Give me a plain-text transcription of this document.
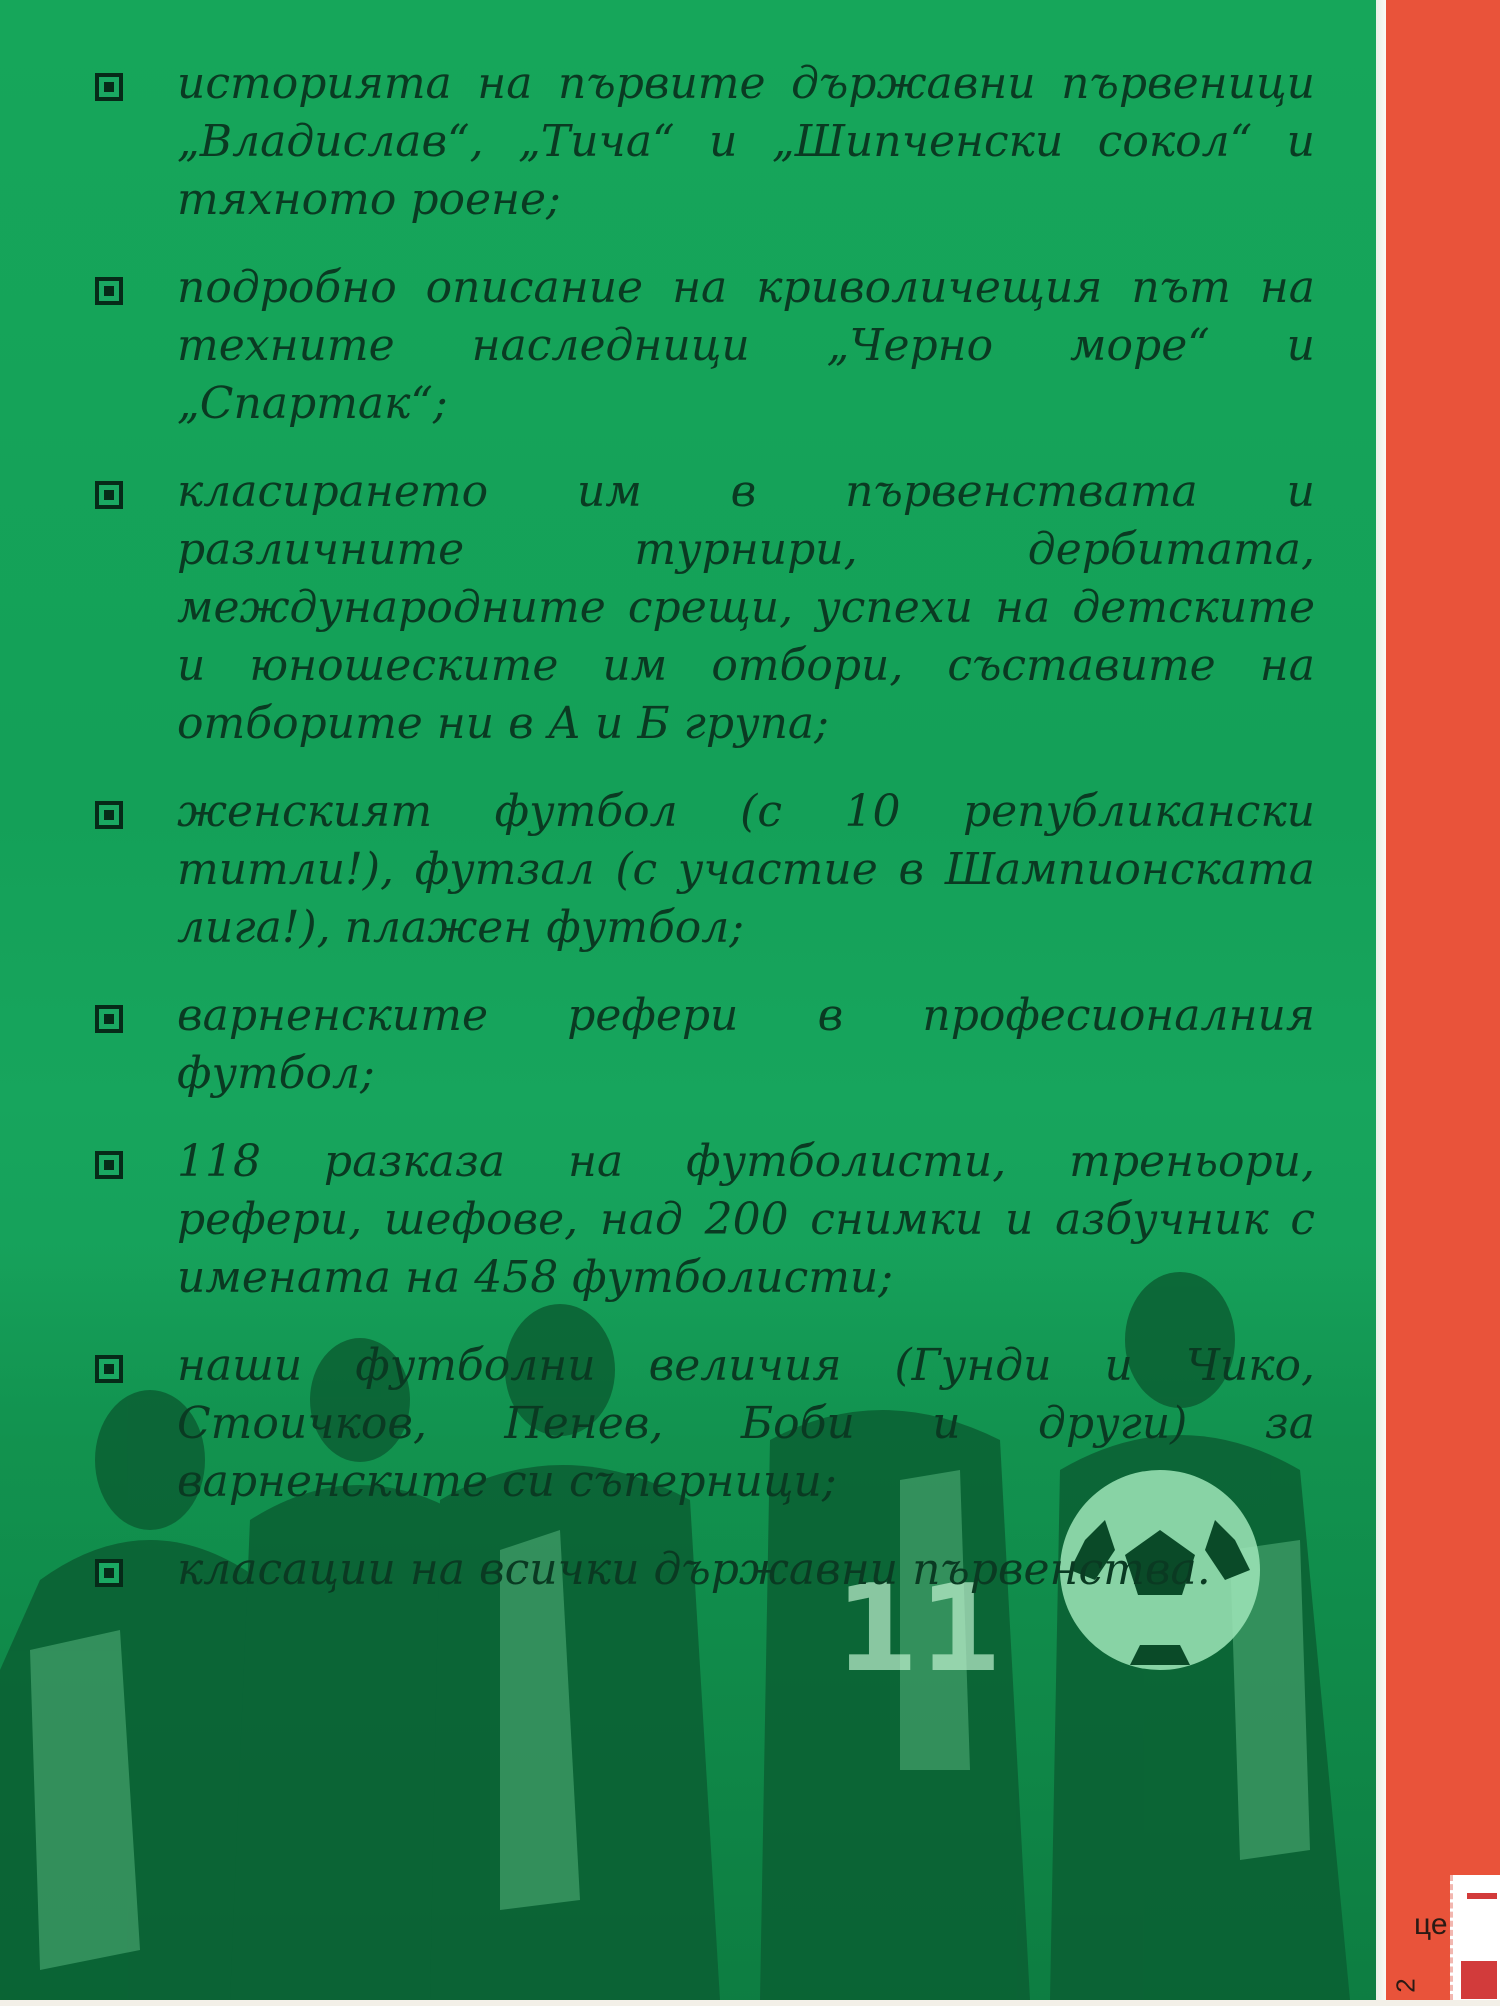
11
историята на първите държавни първеници „Владислав“, „Тича“ и „Шипченски сокол“ и тяхното роене;
подробно описание на криволичещия път на техните наследници „Черно море“ и „Спартак“;
класирането им в първенствата и различните турнири, дербитата, международните срещи, успехи на детските и юношеските им отбори, съставите на отборите ни в А и Б група;
женският футбол (с 10 републикански титли!), футзал (с участие в Шампионската лига!), плажен футбол;
варненските рефери в професионалния футбол;
118 разказа на футболисти, треньори, рефери, шефове, над 200 снимки и азбучник с имената на 458 футболисти;
наши футболни величия (Гунди и Чико, Стоичков, Пенев, Боби и други) за варненските си съперници;
класации на всички държавни първенства.
це
2
